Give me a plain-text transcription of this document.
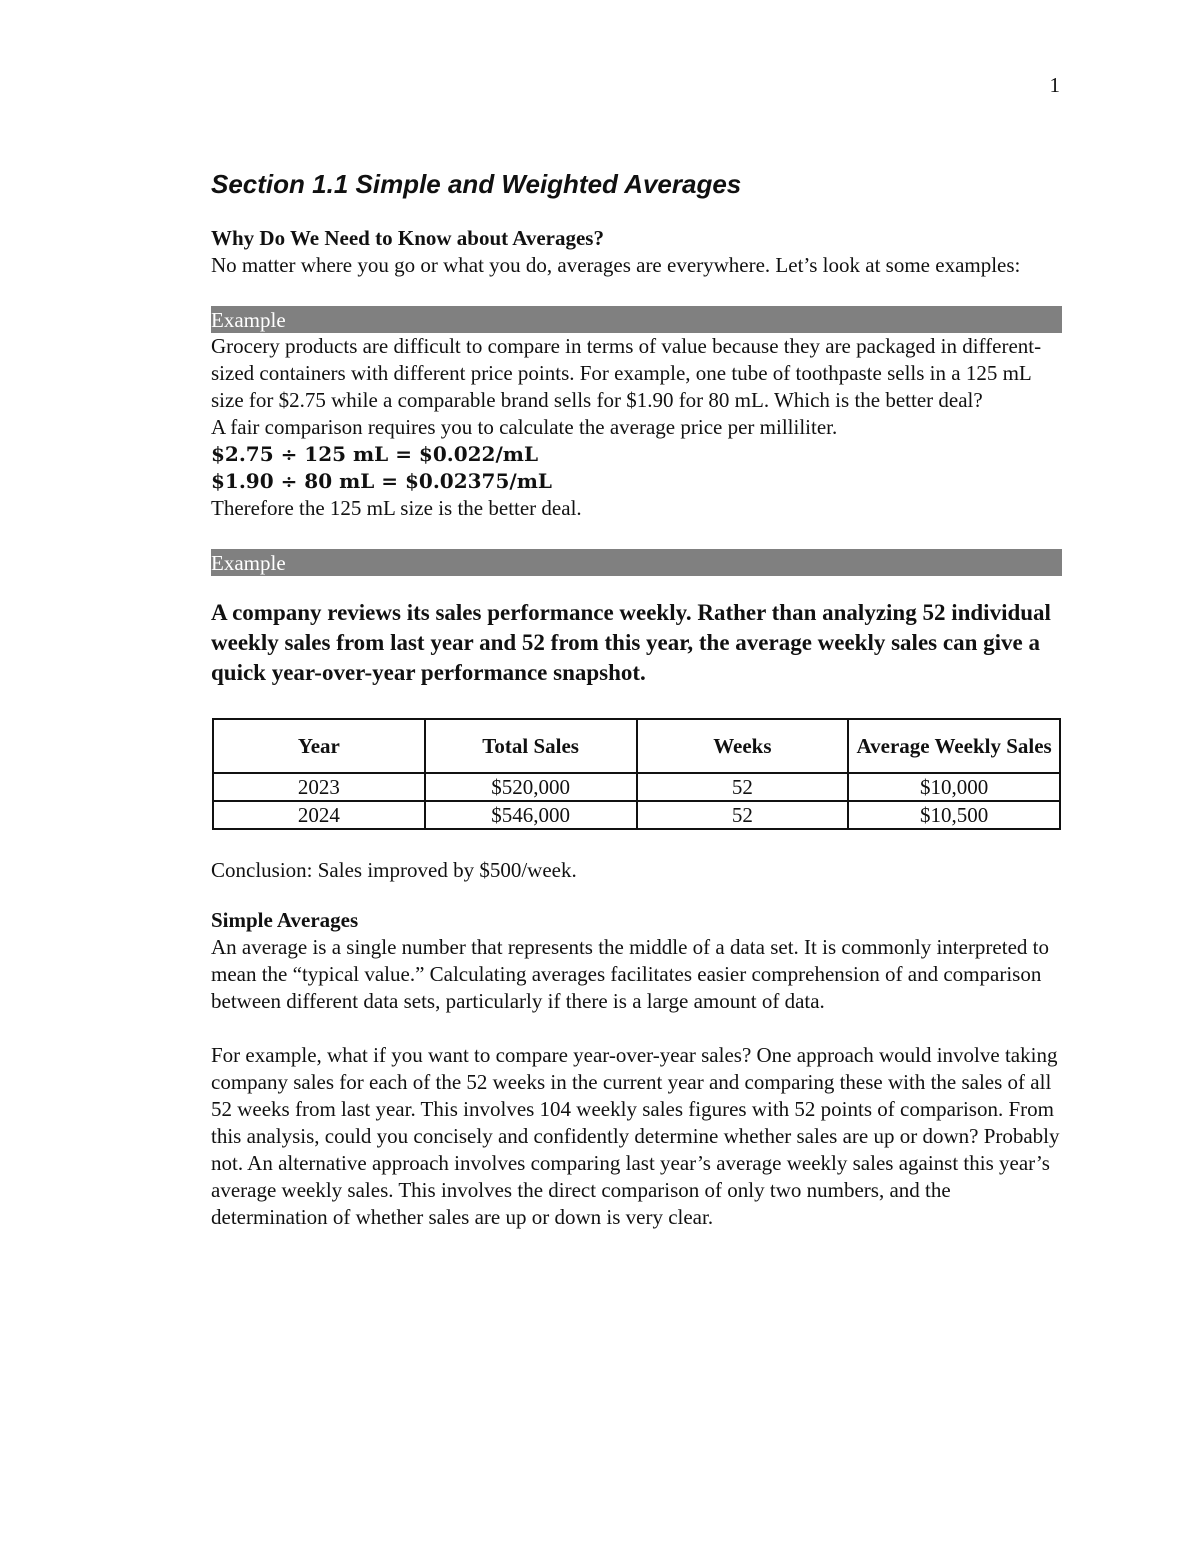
1
Section 1.1 Simple and Weighted Averages
Why Do We Need to Know about Averages?

No matter where you go or what you do, averages are everywhere. Let’s look at some examples:

Example

Grocery products are difficult to compare in terms of value because they are packaged in different-sized containers with different price points. For example, one tube of toothpaste sells in a 125 mL size for $2.75 while a comparable brand sells for $1.90 for 80 mL. Which is the better deal?

A fair comparison requires you to calculate the average price per milliliter.

$2.75 ÷ 125 mL = $0.022/mL

$1.90 ÷ 80 mL = $0.02375/mL

Therefore the 125 mL size is the better deal.

Example

A company reviews its sales performance weekly. Rather than analyzing 52 individual weekly sales from last year and 52 from this year, the average weekly sales can give a quick year-over-year performance snapshot.

Year	Total Sales	Weeks	Average Weekly Sales
2023	$520,000	52	$10,000
2024	$546,000	52	$10,500

Conclusion: Sales improved by $500/week.

Simple Averages

An average is a single number that represents the middle of a data set. It is commonly interpreted to mean the “typical value.” Calculating averages facilitates easier comprehension of and comparison between different data sets, particularly if there is a large amount of data.

For example, what if you want to compare year-over-year sales? One approach would involve taking company sales for each of the 52 weeks in the current year and comparing these with the sales of all 52 weeks from last year. This involves 104 weekly sales figures with 52 points of comparison. From this analysis, could you concisely and confidently determine whether sales are up or down? Probably not. An alternative approach involves comparing last year’s average weekly sales against this year’s average weekly sales. This involves the direct comparison of only two numbers, and the determination of whether sales are up or down is very clear.
